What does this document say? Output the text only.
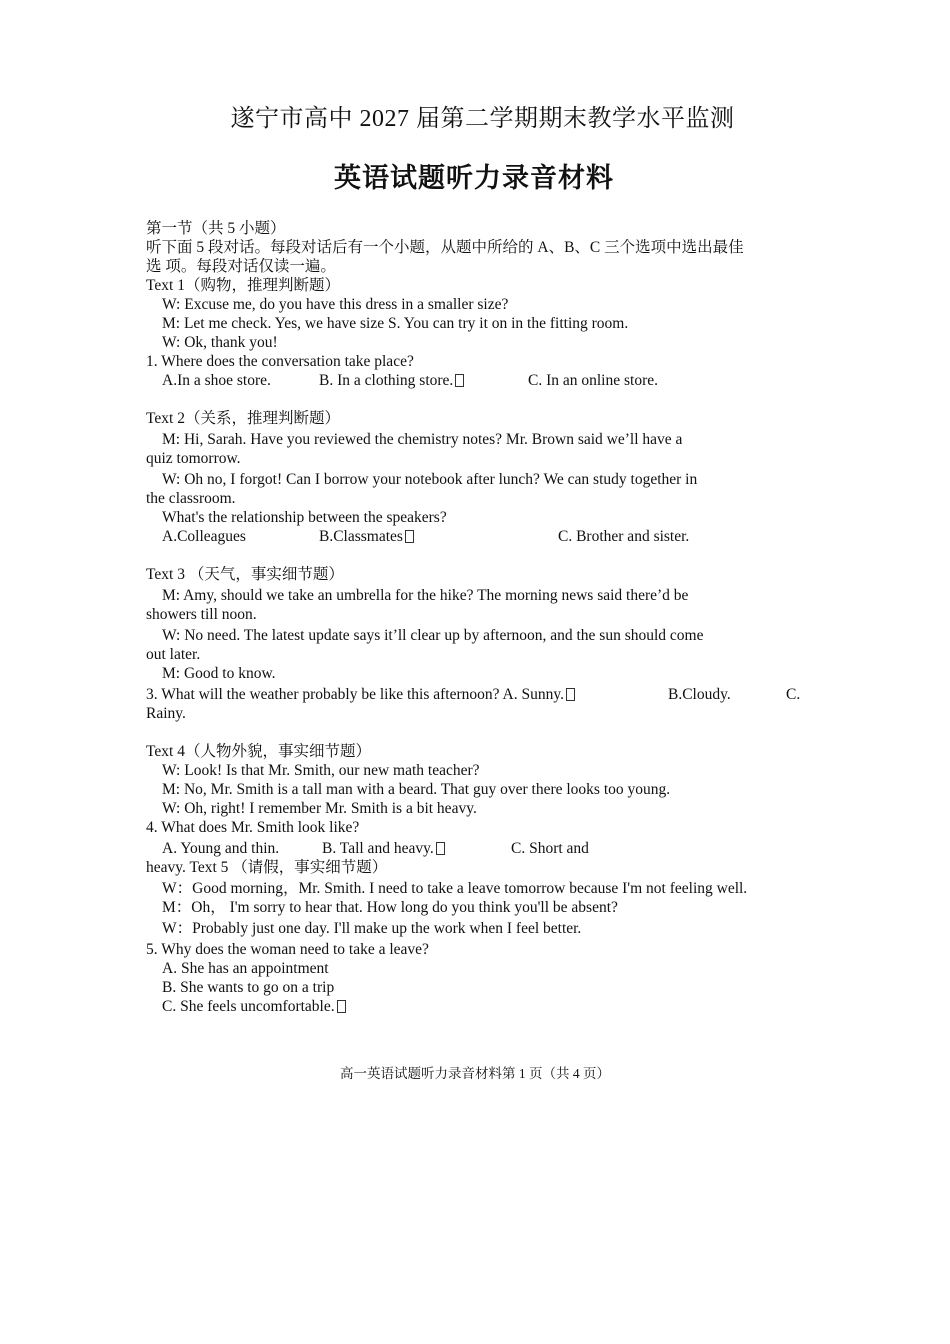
遂宁市高中 2027 届第二学期期末教学水平监测
英语试题听力录音材料
第一节（共 5 小题）
听下面 5 段对话。每段对话后有一个小题，从题中所给的 A、B、C 三个选项中选出最佳
选 项。每段对话仅读一遍。
Text 1（购物，推理判断题）
W: Excuse me, do you have this dress in a smaller size?
M: Let me check. Yes, we have size S. You can try it on in the fitting room.
W: Ok, thank you!
1. Where does the conversation take place?
A.In a shoe store.	B. In a clothing store.	C. In an online store.
Text 2（关系，推理判断题）
M: Hi, Sarah. Have you reviewed the chemistry notes? Mr. Brown said we’ll have a
quiz tomorrow.
W: Oh no, I forgot! Can I borrow your notebook after lunch? We can study together in
the classroom.
What's the relationship between the speakers?
A.Colleagues	B.Classmates	C. Brother and sister.
Text 3 （天气，事实细节题）
M: Amy, should we take an umbrella for the hike? The morning news said there’d be
showers till noon.
W: No need. The latest update says it’ll clear up by afternoon, and the sun should come
out later.
M: Good to know.
3. What will the weather probably be like this afternoon? A. Sunny.	B.Cloudy.	C.
Rainy.
Text 4（人物外貌，事实细节题）
W: Look! Is that Mr. Smith, our new math teacher?
M: No, Mr. Smith is a tall man with a beard. That guy over there looks too young.
W: Oh, right! I remember Mr. Smith is a bit heavy.
4. What does Mr. Smith look like?
A. Young and thin.	B. Tall and heavy.	C. Short and
heavy. Text 5 （请假，事实细节题）
W：Good morning，Mr. Smith. I need to take a leave tomorrow because I'm not feeling well.
M：Oh， I'm sorry to hear that. How long do you think you'll be absent?
W：Probably just one day. I'll make up the work when I feel better.
5. Why does the woman need to take a leave?
A. She has an appointment
B. She wants to go on a trip
C. She feels uncomfortable.
高一英语试题听力录音材料第 1 页（共 4 页）
